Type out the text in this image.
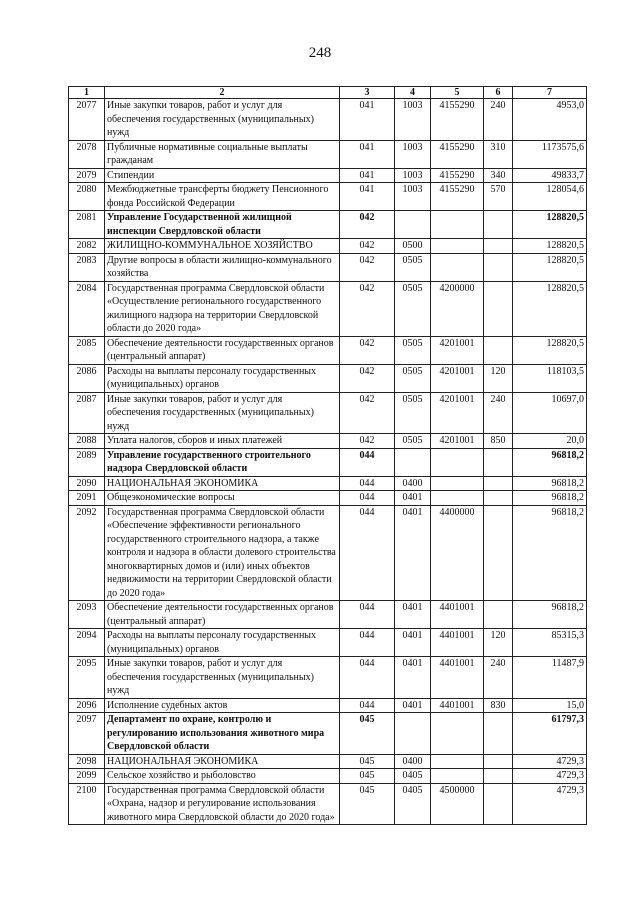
248
1	2	3	4	5	6	7
2077	Иные закупки товаров, работ и услуг для обеспечения государственных (муниципальных) нужд	041	1003	4155290	240	4953,0
2078	Публичные нормативные социальные выплаты гражданам	041	1003	4155290	310	1173575,6
2079	Стипендии	041	1003	4155290	340	49833,7
2080	Межбюджетные трансферты бюджету Пенсионного фонда Российской Федерации	041	1003	4155290	570	128054,6
2081	Управление Государственной жилищной инспекции Свердловской области	042				128820,5
2082	ЖИЛИЩНО-КОММУНАЛЬНОЕ ХОЗЯЙСТВО	042	0500			128820,5
2083	Другие вопросы в области жилищно-коммунального хозяйства	042	0505			128820,5
2084	Государственная программа Свердловской области «Осуществление регионального государственного жилищного надзора на территории Свердловской области до 2020 года»	042	0505	4200000		128820,5
2085	Обеспечение деятельности государственных органов (центральный аппарат)	042	0505	4201001		128820,5
2086	Расходы на выплаты персоналу государственных (муниципальных) органов	042	0505	4201001	120	118103,5
2087	Иные закупки товаров, работ и услуг для обеспечения государственных (муниципальных) нужд	042	0505	4201001	240	10697,0
2088	Уплата налогов, сборов и иных платежей	042	0505	4201001	850	20,0
2089	Управление государственного строительного надзора Свердловской области	044				96818,2
2090	НАЦИОНАЛЬНАЯ ЭКОНОМИКА	044	0400			96818,2
2091	Общеэкономические вопросы	044	0401			96818,2
2092	Государственная программа Свердловской области «Обеспечение эффективности регионального государственного строительного надзора, а также контроля и надзора в области долевого строительства многоквартирных домов и (или) иных объектов недвижимости на территории Свердловской области до 2020 года»	044	0401	4400000		96818,2
2093	Обеспечение деятельности государственных органов (центральный аппарат)	044	0401	4401001		96818,2
2094	Расходы на выплаты персоналу государственных (муниципальных) органов	044	0401	4401001	120	85315,3
2095	Иные закупки товаров, работ и услуг для обеспечения государственных (муниципальных) нужд	044	0401	4401001	240	11487,9
2096	Исполнение судебных актов	044	0401	4401001	830	15,0
2097	Департамент по охране, контролю и регулированию использования животного мира Свердловской области	045				61797,3
2098	НАЦИОНАЛЬНАЯ ЭКОНОМИКА	045	0400			4729,3
2099	Сельское хозяйство и рыболовство	045	0405			4729,3
2100	Государственная программа Свердловской области «Охрана, надзор и регулирование использования животного мира Свердловской области до 2020 года»	045	0405	4500000		4729,3
